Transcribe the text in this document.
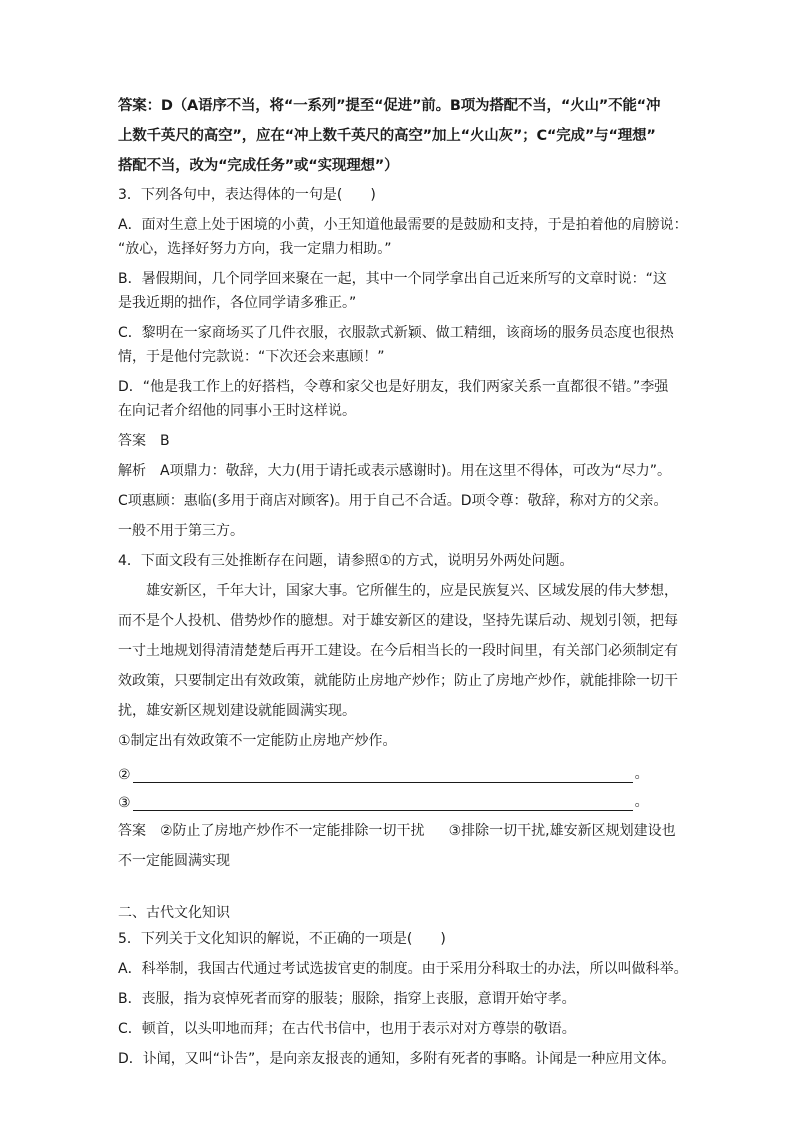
答案：D（A语序不当，将“一系列”提至“促进”前。B项为搭配不当，“火山”不能“冲

上数千英尺的高空”，应在“冲上数千英尺的高空”加上“火山灰”；C“完成”与“理想”

搭配不当，改为“完成任务”或“实现理想”）

3．下列各句中，表达得体的一句是(　　)

A．面对生意上处于困境的小黄，小王知道他最需要的是鼓励和支持，于是拍着他的肩膀说：

“放心，选择好努力方向，我一定鼎力相助。”

B．暑假期间，几个同学回来聚在一起，其中一个同学拿出自己近来所写的文章时说：“这

是我近期的拙作，各位同学请多雅正。”

C．黎明在一家商场买了几件衣服，衣服款式新颖、做工精细，该商场的服务员态度也很热

情，于是他付完款说：“下次还会来惠顾！”

D．“他是我工作上的好搭档，令尊和家父也是好朋友，我们两家关系一直都很不错。”李强

在向记者介绍他的同事小王时这样说。

答案 B

解析　A项鼎力：敬辞，大力(用于请托或表示感谢时)。用在这里不得体，可改为“尽力”。

C项惠顾：惠临(多用于商店对顾客)。用于自己不合适。D项令尊：敬辞，称对方的父亲。

一般不用于第三方。

4．下面文段有三处推断存在问题，请参照①的方式，说明另外两处问题。

雄安新区，千年大计，国家大事。它所催生的，应是民族复兴、区域发展的伟大梦想，

而不是个人投机、借势炒作的臆想。对于雄安新区的建设，坚持先谋后动、规划引领，把每

一寸土地规划得清清楚楚后再开工建设。在今后相当长的一段时间里，有关部门必须制定有

效政策，只要制定出有效政策，就能防止房地产炒作；防止了房地产炒作，就能排除一切干

扰，雄安新区规划建设就能圆满实现。

①制定出有效政策不一定能防止房地产炒作。

②	。
③	。

答案 ②防止了房地产炒作不一定能排除一切干扰 ③排除一切干扰,雄安新区规划建设也

不一定能圆满实现

二、古代文化知识

5．下列关于文化知识的解说，不正确的一项是(　　)

A．科举制，我国古代通过考试选拔官吏的制度。由于采用分科取士的办法，所以叫做科举。

B．丧服，指为哀悼死者而穿的服装；服除，指穿上丧服，意谓开始守孝。

C．顿首，以头叩地而拜；在古代书信中，也用于表示对对方尊崇的敬语。

D．讣闻，又叫“讣告”，是向亲友报丧的通知，多附有死者的事略。讣闻是一种应用文体。
